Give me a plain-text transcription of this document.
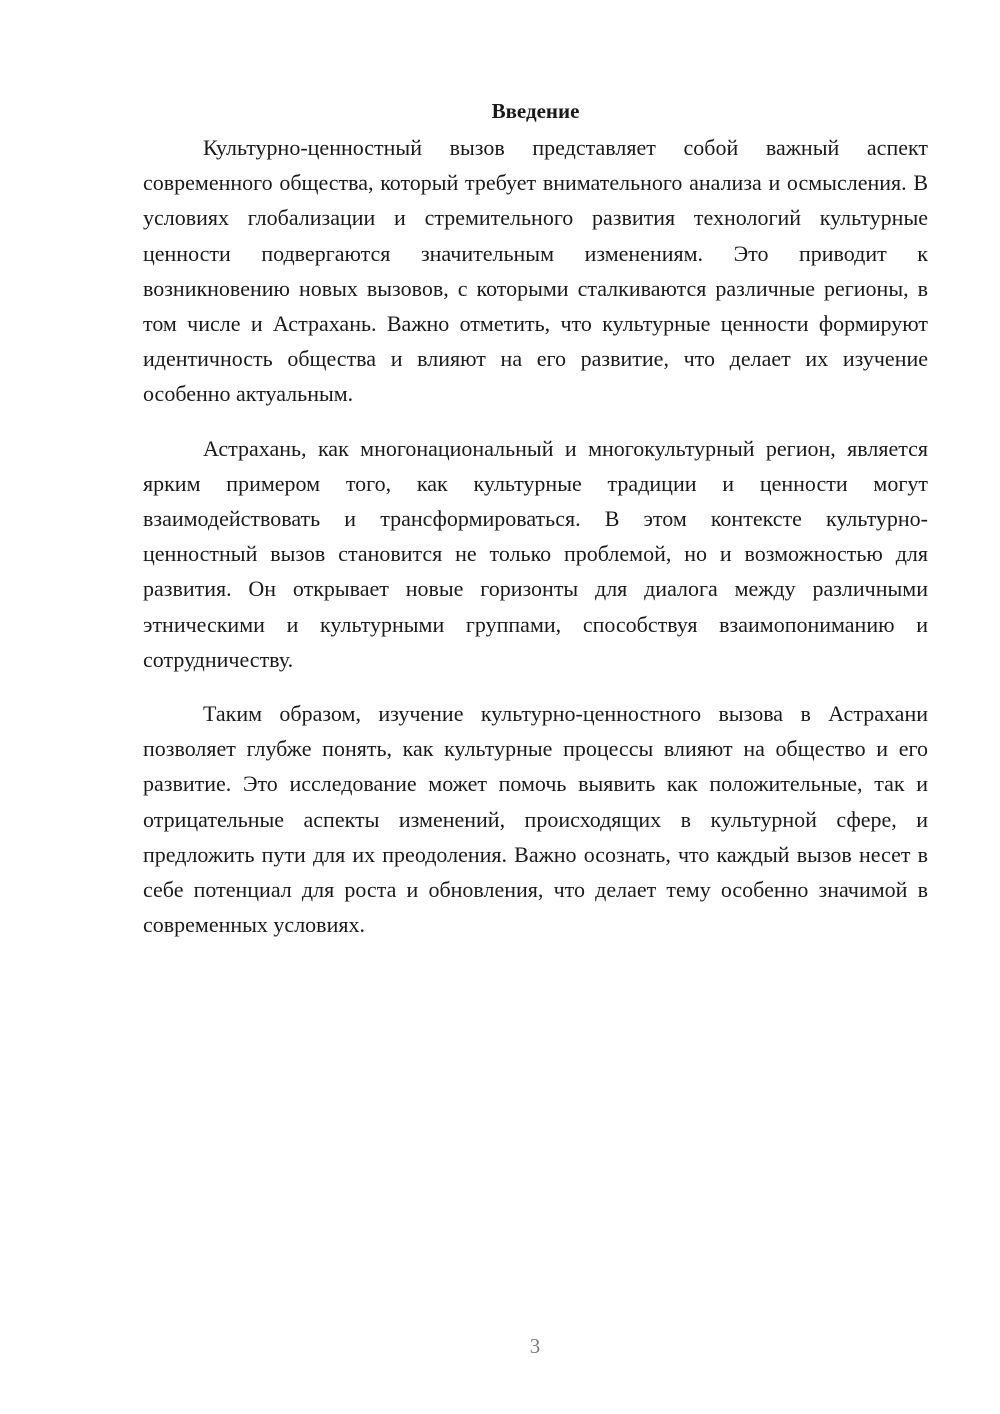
Введение

Культурно-ценностный вызов представляет собой важный аспект современного общества, который требует внимательного анализа и осмысления. В условиях глобализации и стремительного развития технологий культурные ценности подвергаются значительным изменениям. Это приводит к возникновению новых вызовов, с которыми сталкиваются различные регионы, в том числе и Астрахань. Важно отметить, что культурные ценности формируют идентичность общества и влияют на его развитие, что делает их изучение особенно актуальным.

Астрахань, как многонациональный и многокультурный регион, является ярким примером того, как культурные традиции и ценности могут взаимодействовать и трансформироваться. В этом контексте культурно-ценностный вызов становится не только проблемой, но и возможностью для развития. Он открывает новые горизонты для диалога между различными этническими и культурными группами, способствуя взаимопониманию и сотрудничеству.

Таким образом, изучение культурно-ценностного вызова в Астрахани позволяет глубже понять, как культурные процессы влияют на общество и его развитие. Это исследование может помочь выявить как положительные, так и отрицательные аспекты изменений, происходящих в культурной сфере, и предложить пути для их преодоления. Важно осознать, что каждый вызов несет в себе потенциал для роста и обновления, что делает тему особенно значимой в современных условиях.

3
